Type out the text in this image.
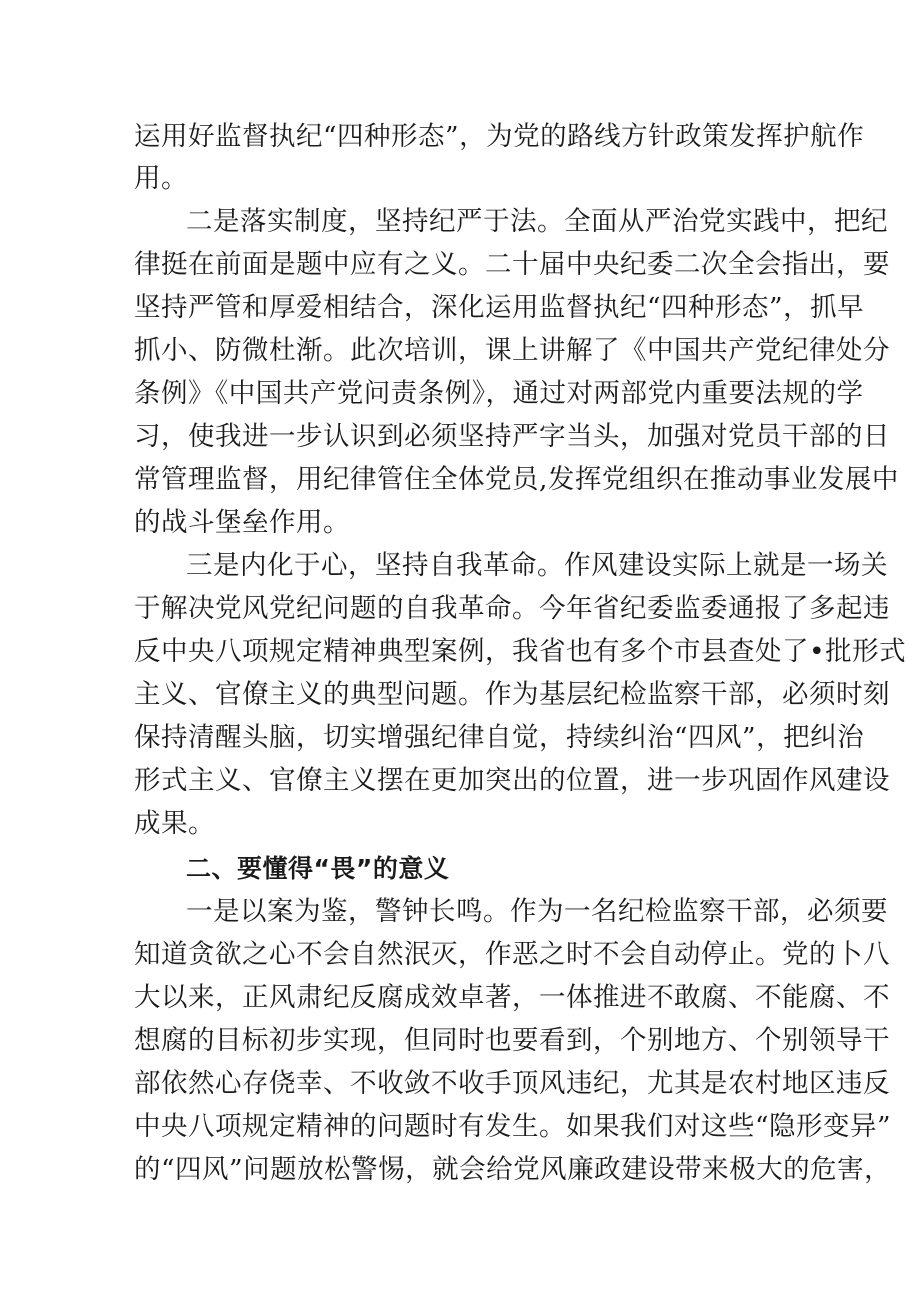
运用好监督执纪“四种形态”，为党的路线方针政策发挥护航作
用。
二是落实制度，坚持纪严于法。全面从严治党实践中，把纪
律挺在前面是题中应有之义。二十届中央纪委二次全会指出，要
坚持严管和厚爱相结合，深化运用监督执纪“四种形态”，抓早
抓小、防微杜渐。此次培训，课上讲解了《中国共产党纪律处分
条例》《中国共产党问责条例》，通过对两部党内重要法规的学
习，使我进一步认识到必须坚持严字当头，加强对党员干部的日
常管理监督，用纪律管住全体党员,发挥党组织在推动事业发展中
的战斗堡垒作用。
三是内化于心，坚持自我革命。作风建设实际上就是一场关
于解决党风党纪问题的自我革命。今年省纪委监委通报了多起违
反中央八项规定精神典型案例，我省也有多个市县查处了•批形式
主义、官僚主义的典型问题。作为基层纪检监察干部，必须时刻
保持清醒头脑，切实增强纪律自觉，持续纠治“四风”，把纠治
形式主义、官僚主义摆在更加突出的位置，进一步巩固作风建设
成果。
二、要懂得“畏”的意义
一是以案为鉴，警钟长鸣。作为一名纪检监察干部，必须要
知道贪欲之心不会自然泯灭，作恶之时不会自动停止。党的卜八
大以来，正风肃纪反腐成效卓著，一体推进不敢腐、不能腐、不
想腐的目标初步实现，但同时也要看到，个别地方、个别领导干
部依然心存侥幸、不收敛不收手顶风违纪，尤其是农村地区违反
中央八项规定精神的问题时有发生。如果我们对这些“隐形变异”
的“四风”问题放松警惕，就会给党风廉政建设带来极大的危害，
